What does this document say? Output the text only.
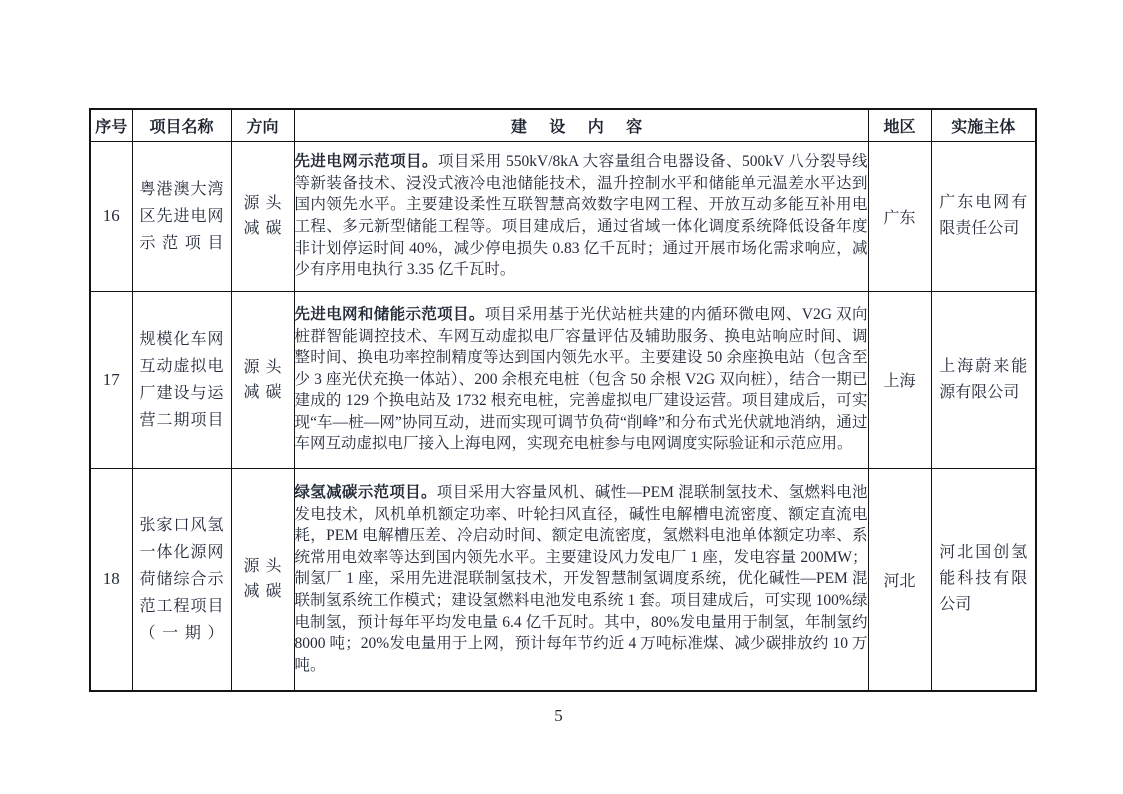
序号	项目名称	方向	建 设 内 容	地区	实施主体
16	粤港澳大湾区先进电网示范项目	源头减碳	先进电网示范项目。项目采用 550kV/8kA 大容量组合电器设备、500kV 八分裂导线等新装备技术、浸没式液冷电池储能技术，温升控制水平和储能单元温差水平达到国内领先水平。主要建设柔性互联智慧高效数字电网工程、开放互动多能互补用电工程、多元新型储能工程等。项目建成后，通过省域一体化调度系统降低设备年度非计划停运时间 40%，减少停电损失 0.83 亿千瓦时；通过开展市场化需求响应，减少有序用电执行 3.35 亿千瓦时。	广东	广东电网有限责任公司

17	规模化车网互动虚拟电厂建设与运营二期项目	源头减碳	先进电网和储能示范项目。项目采用基于光伏站桩共建的内循环微电网、V2G 双向桩群智能调控技术、车网互动虚拟电厂容量评估及辅助服务、换电站响应时间、调整时间、换电功率控制精度等达到国内领先水平。主要建设 50 余座换电站（包含至少 3 座光伏充换一体站）、200 余根充电桩（包含 50 余根 V2G 双向桩），结合一期已建成的 129 个换电站及 1732 根充电桩，完善虚拟电厂建设运营。项目建成后，可实现“车—桩—网”协同互动，进而实现可调节负荷“削峰”和分布式光伏就地消纳，通过车网互动虚拟电厂接入上海电网，实现充电桩参与电网调度实际验证和示范应用。	上海	上海蔚来能源有限公司

18	张家口风氢一体化源网荷储综合示范工程项目（一期）	源头减碳	绿氢减碳示范项目。项目采用大容量风机、碱性—PEM 混联制氢技术、氢燃料电池发电技术，风机单机额定功率、叶轮扫风直径，碱性电解槽电流密度、额定直流电耗，PEM 电解槽压差、冷启动时间、额定电流密度，氢燃料电池单体额定功率、系统常用电效率等达到国内领先水平。主要建设风力发电厂 1 座，发电容量 200MW；制氢厂 1 座，采用先进混联制氢技术，开发智慧制氢调度系统，优化碱性—PEM 混联制氢系统工作模式；建设氢燃料电池发电系统 1 套。项目建成后，可实现 100%绿电制氢，预计每年平均发电量 6.4 亿千瓦时。其中，80%发电量用于制氢，年制氢约 8000 吨；20%发电量用于上网，预计每年节约近 4 万吨标准煤、减少碳排放约 10 万吨。	河北	河北国创氢能科技有限公司
5
